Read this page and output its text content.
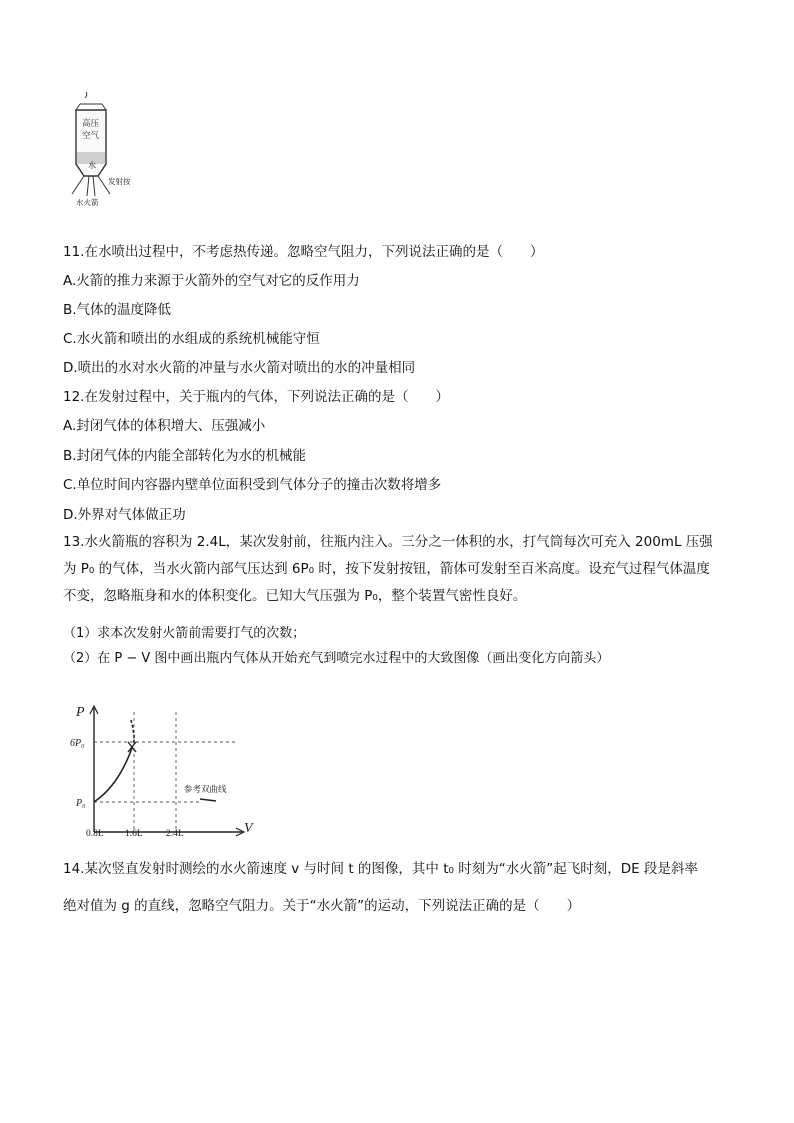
高压
空气
水
发射按
水火箭
11.在水喷出过程中，不考虑热传递。忽略空气阻力，下列说法正确的是（　　）
A.火箭的推力来源于火箭外的空气对它的反作用力
B.气体的温度降低
C.水火箭和喷出的水组成的系统机械能守恒
D.喷出的水对水火箭的冲量与水火箭对喷出的水的冲量相同
12.在发射过程中，关于瓶内的气体，下列说法正确的是（　　）
A.封闭气体的体积增大、压强减小
B.封闭气体的内能全部转化为水的机械能
C.单位时间内容器内壁单位面积受到气体分子的撞击次数将增多
D.外界对气体做正功
13.水火箭瓶的容积为 2.4L，某次发射前，往瓶内注入。三分之一体积的水，打气筒每次可充入 200mL 压强
为 P₀ 的气体，当水火箭内部气压达到 6P₀ 时，按下发射按钮，箭体可发射至百米高度。设充气过程气体温度
不变，忽略瓶身和水的体积变化。已知大气压强为 P₀，整个装置气密性良好。
（1）求本次发射火箭前需要打气的次数；
（2）在 P − V 图中画出瓶内气体从开始充气到喷完水过程中的大致图像（画出变化方向箭头）
P
V
6P₀
P₀
0.8L 1.6L 2.4L
参考双曲线
14.某次竖直发射时测绘的水火箭速度 v 与时间 t 的图像，其中 t₀ 时刻为“水火箭”起飞时刻，DE 段是斜率
绝对值为 g 的直线，忽略空气阻力。关于“水火箭”的运动，下列说法正确的是（　　）
